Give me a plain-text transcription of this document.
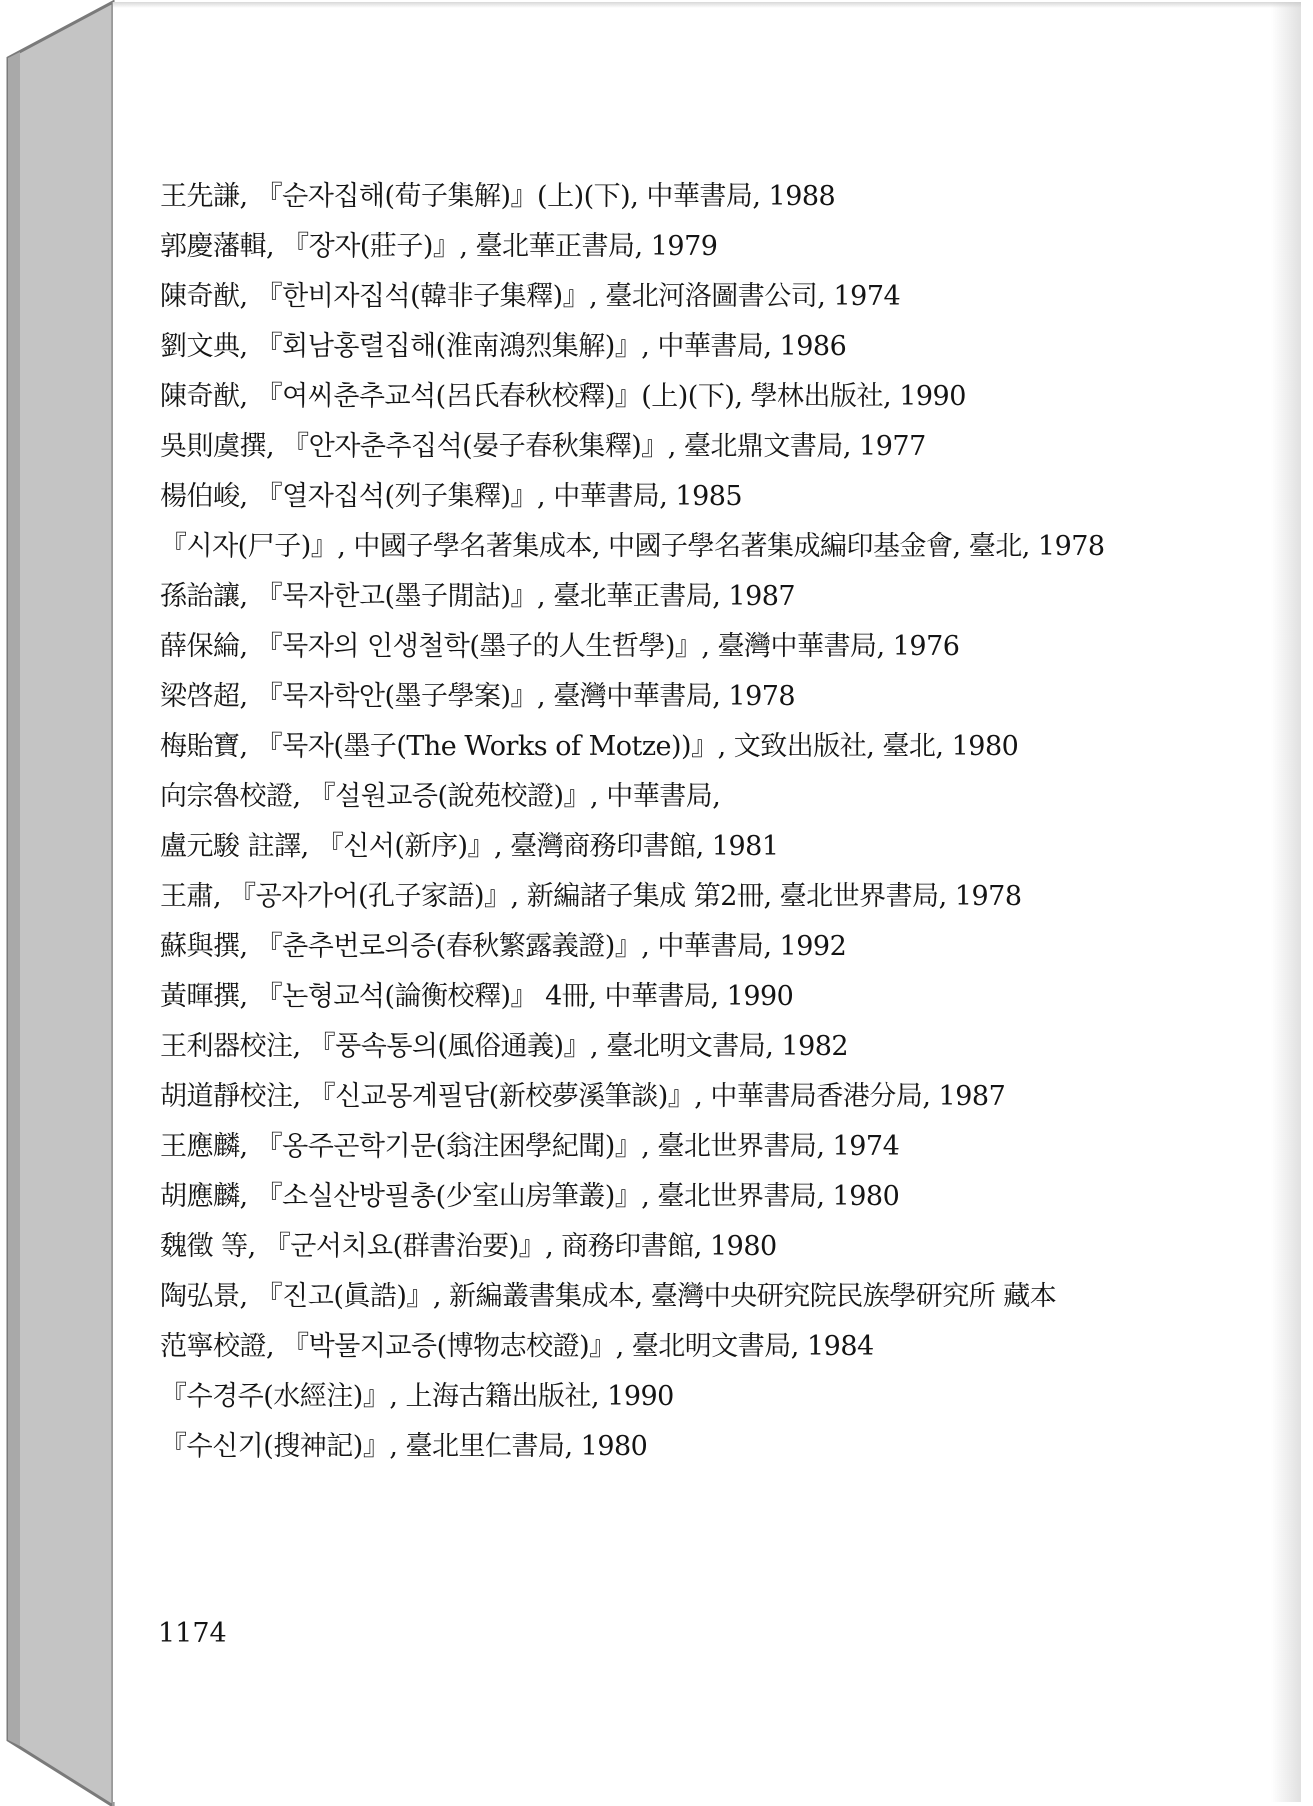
王先謙, 『순자집해(荀子集解)』(上)(下), 中華書局, 1988
郭慶藩輯, 『장자(莊子)』, 臺北華正書局, 1979
陳奇猷, 『한비자집석(韓非子集釋)』, 臺北河洛圖書公司, 1974
劉文典, 『회남홍렬집해(淮南鴻烈集解)』, 中華書局, 1986
陳奇猷, 『여씨춘추교석(呂氏春秋校釋)』(上)(下), 學林出版社, 1990
吳則虞撰, 『안자춘추집석(晏子春秋集釋)』, 臺北鼎文書局, 1977
楊伯峻, 『열자집석(列子集釋)』, 中華書局, 1985
『시자(尸子)』, 中國子學名著集成本, 中國子學名著集成編印基金會, 臺北, 1978
孫詒讓, 『묵자한고(墨子閒詁)』, 臺北華正書局, 1987
薛保綸, 『묵자의 인생철학(墨子的人生哲學)』, 臺灣中華書局, 1976
梁啓超, 『묵자학안(墨子學案)』, 臺灣中華書局, 1978
梅貽寶, 『묵자(墨子(The Works of Motze))』, 文致出版社, 臺北, 1980
向宗魯校證, 『설원교증(說苑校證)』, 中華書局,
盧元駿 註譯, 『신서(新序)』, 臺灣商務印書館, 1981
王肅, 『공자가어(孔子家語)』, 新編諸子集成 第2冊, 臺北世界書局, 1978
蘇與撰, 『춘추번로의증(春秋繁露義證)』, 中華書局, 1992
黃暉撰, 『논형교석(論衡校釋)』 4冊, 中華書局, 1990
王利器校注, 『풍속통의(風俗通義)』, 臺北明文書局, 1982
胡道靜校注, 『신교몽계필담(新校夢溪筆談)』, 中華書局香港分局, 1987
王應麟, 『옹주곤학기문(翁注困學紀聞)』, 臺北世界書局, 1974
胡應麟, 『소실산방필총(少室山房筆叢)』, 臺北世界書局, 1980
魏徵 等, 『군서치요(群書治要)』, 商務印書館, 1980
陶弘景, 『진고(眞誥)』, 新編叢書集成本, 臺灣中央研究院民族學研究所 藏本
范寧校證, 『박물지교증(博物志校證)』, 臺北明文書局, 1984
『수경주(水經注)』, 上海古籍出版社, 1990
『수신기(搜神記)』, 臺北里仁書局, 1980
1174
